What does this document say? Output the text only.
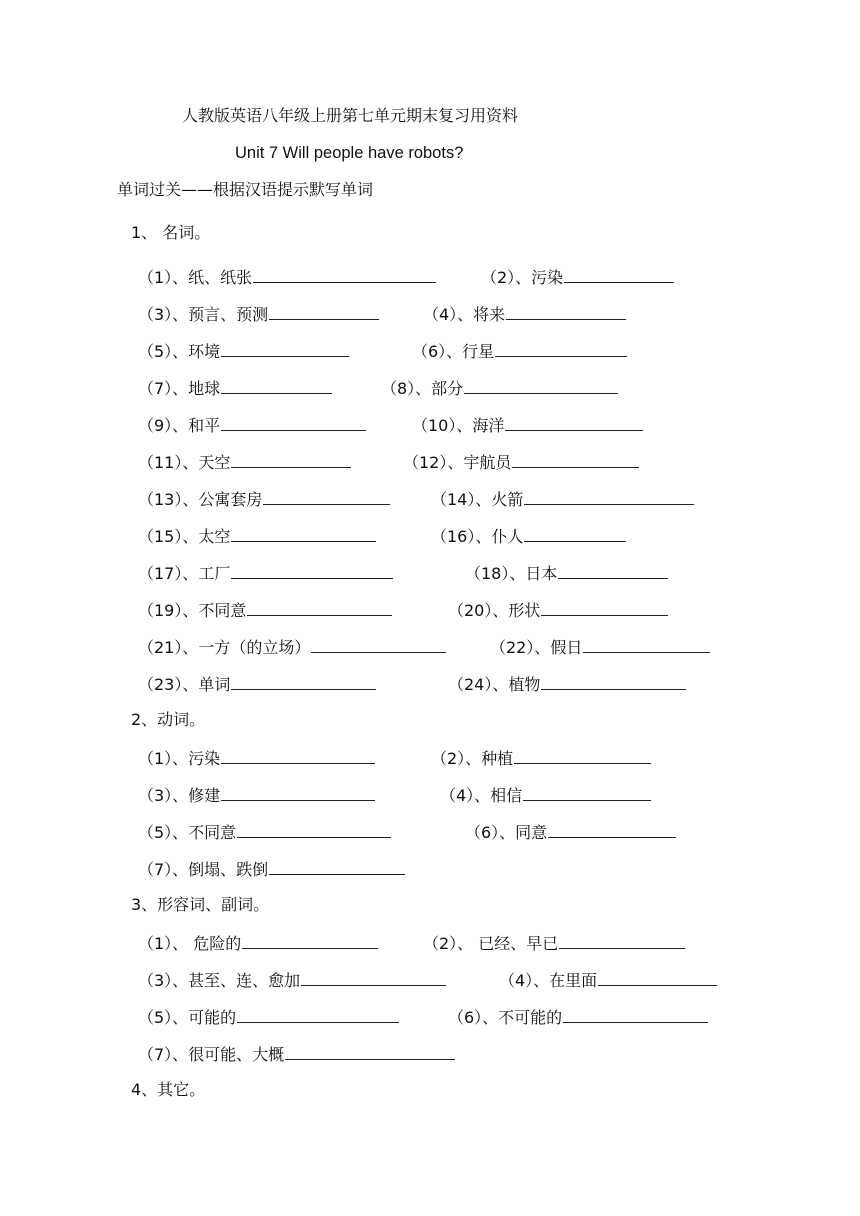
人教版英语八年级上册第七单元期末复习用资料
Unit 7 Will people have robots?
单词过关——根据汉语提示默写单词
1、 名词。
（1）、纸、纸张	（2）、污染
（3）、预言、预测	（4）、将来
（5）、环境	（6）、行星
（7）、地球	（8）、部分
（9）、和平	（10）、海洋
（11）、天空	（12）、宇航员
（13）、公寓套房	（14）、火箭
（15）、太空	（16）、仆人
（17）、工厂	（18）、日本
（19）、不同意	（20）、形状
（21）、一方（的立场）	（22）、假日
（23）、单词	（24）、植物
2、动词。
（1）、污染	（2）、种植
（3）、修建	（4）、相信
（5）、不同意	（6）、同意
（7）、倒塌、跌倒
3、形容词、副词。
（1）、 危险的	（2）、 已经、早已
（3）、甚至、连、愈加	（4）、在里面
（5）、可能的	（6）、不可能的
（7）、很可能、大概
4、其它。
